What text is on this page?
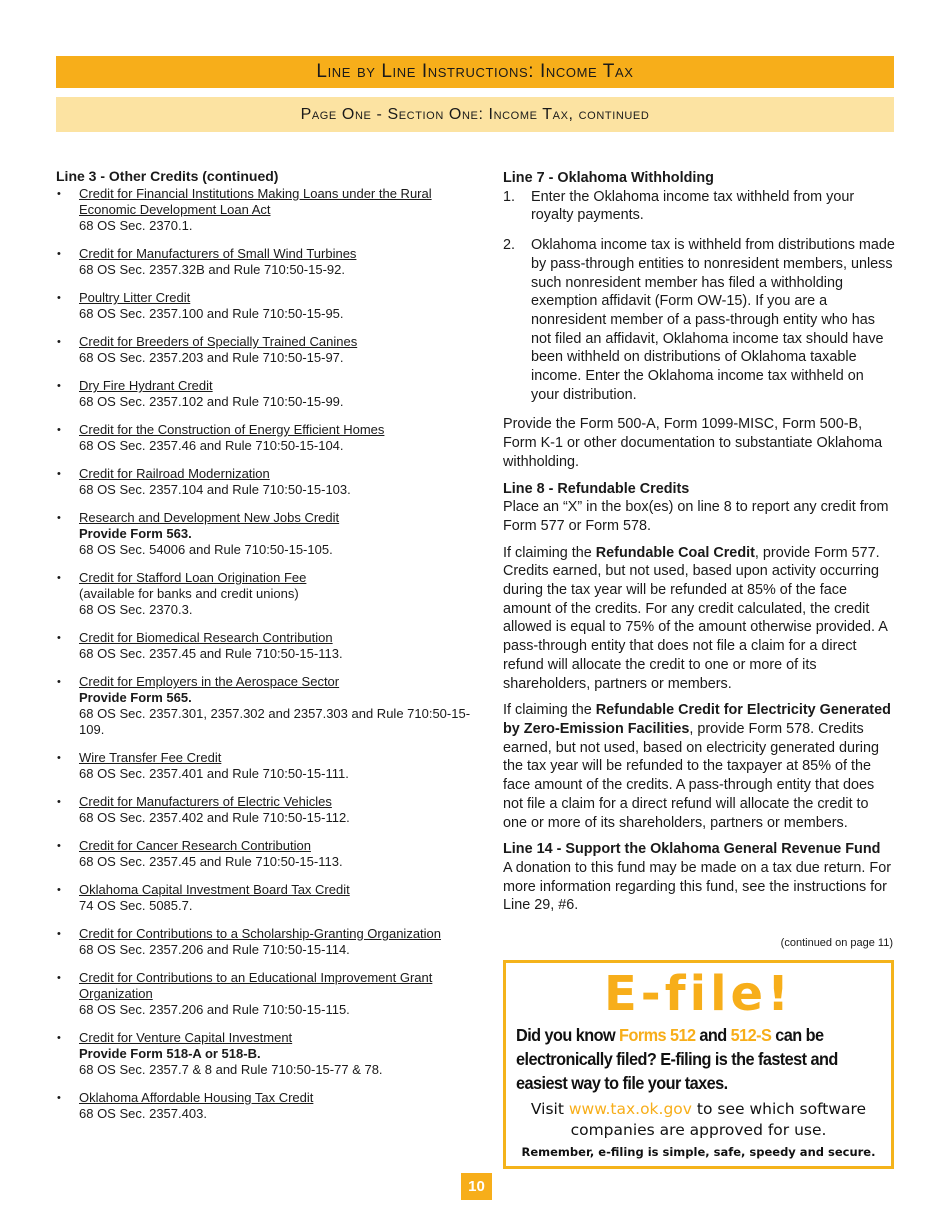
Line by Line Instructions: Income Tax
Page One - Section One: Income Tax, continued
Line 3 - Other Credits (continued)
• Credit for Financial Institutions Making Loans under the Rural Economic Development Loan Act
68 OS Sec. 2370.1.
• Credit for Manufacturers of Small Wind Turbines
68 OS Sec. 2357.32B and Rule 710:50-15-92.
• Poultry Litter Credit
68 OS Sec. 2357.100 and Rule 710:50-15-95.
• Credit for Breeders of Specially Trained Canines
68 OS Sec. 2357.203 and Rule 710:50-15-97.
• Dry Fire Hydrant Credit
68 OS Sec. 2357.102 and Rule 710:50-15-99.
• Credit for the Construction of Energy Efficient Homes
68 OS Sec. 2357.46 and Rule 710:50-15-104.
• Credit for Railroad Modernization
68 OS Sec. 2357.104 and Rule 710:50-15-103.
• Research and Development New Jobs Credit
Provide Form 563.
68 OS Sec. 54006 and Rule 710:50-15-105.
• Credit for Stafford Loan Origination Fee
(available for banks and credit unions)
68 OS Sec. 2370.3.
• Credit for Biomedical Research Contribution
68 OS Sec. 2357.45 and Rule 710:50-15-113.
• Credit for Employers in the Aerospace Sector
Provide Form 565.
68 OS Sec. 2357.301, 2357.302 and 2357.303 and Rule 710:50-15-109.
• Wire Transfer Fee Credit
68 OS Sec. 2357.401 and Rule 710:50-15-111.
• Credit for Manufacturers of Electric Vehicles
68 OS Sec. 2357.402 and Rule 710:50-15-112.
• Credit for Cancer Research Contribution
68 OS Sec. 2357.45 and Rule 710:50-15-113.
• Oklahoma Capital Investment Board Tax Credit
74 OS Sec. 5085.7.
• Credit for Contributions to a Scholarship-Granting Organization
68 OS Sec. 2357.206 and Rule 710:50-15-114.
• Credit for Contributions to an Educational Improvement Grant Organization
68 OS Sec. 2357.206 and Rule 710:50-15-115.
• Credit for Venture Capital Investment
Provide Form 518-A or 518-B.
68 OS Sec. 2357.7 & 8 and Rule 710:50-15-77 & 78.
• Oklahoma Affordable Housing Tax Credit
68 OS Sec. 2357.403.
Line 7 - Oklahoma Withholding
1. Enter the Oklahoma income tax withheld from your royalty payments.
2. Oklahoma income tax is withheld from distributions made by pass-through entities to nonresident members, unless such nonresident member has filed a withholding exemption affidavit (Form OW-15). If you are a nonresident member of a pass-through entity who has not filed an affidavit, Oklahoma income tax should have been withheld on distributions of Oklahoma taxable income. Enter the Oklahoma income tax withheld on your distribution.

Provide the Form 500-A, Form 1099-MISC, Form 500-B, Form K-1 or other documentation to substantiate Oklahoma withholding.

Line 8 - Refundable Credits

Place an “X” in the box(es) on line 8 to report any credit from Form 577 or Form 578.

If claiming the Refundable Coal Credit, provide Form 577. Credits earned, but not used, based upon activity occurring during the tax year will be refunded at 85% of the face amount of the credits. For any credit calculated, the credit allowed is equal to 75% of the amount otherwise provided. A pass-through entity that does not file a claim for a direct refund will allocate the credit to one or more of its shareholders, partners or members.

If claiming the Refundable Credit for Electricity Generated by Zero-Emission Facilities, provide Form 578. Credits earned, but not used, based on electricity generated during the tax year will be refunded to the taxpayer at 85% of the face amount of the credits. A pass-through entity that does not file a claim for a direct refund will allocate the credit to one or more of its shareholders, partners or members.

Line 14 - Support the Oklahoma General Revenue Fund

A donation to this fund may be made on a tax due return. For more information regarding this fund, see the instructions for Line 29, #6.

(continued on page 11)
E-file!
Did you know Forms 512 and 512-S can be electronically filed? E-filing is the fastest and easiest way to file your taxes.
Visit www.tax.ok.gov to see which software companies are approved for use.
Remember, e-filing is simple, safe, speedy and secure.
10
